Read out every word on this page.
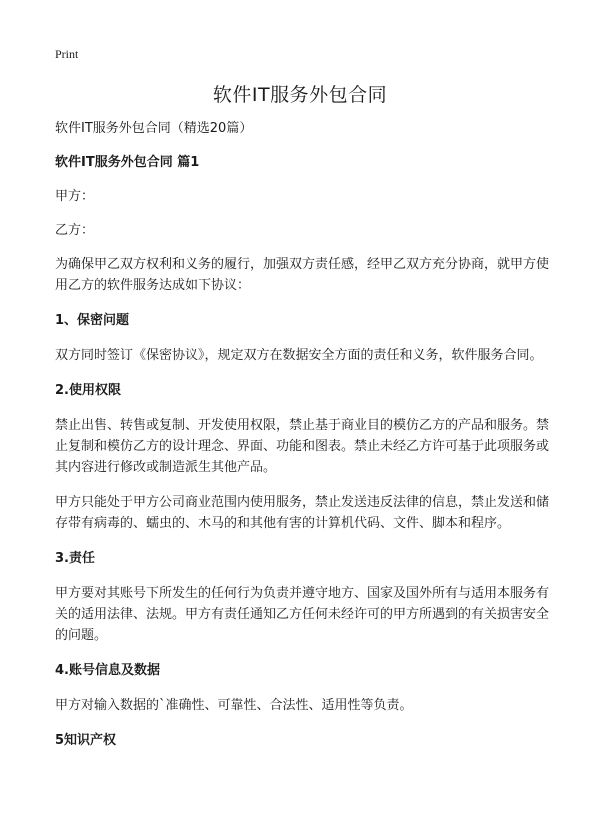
Print
软件IT服务外包合同

软件IT服务外包合同（精选20篇）

软件IT服务外包合同 篇1

甲方：

乙方：

为确保甲乙双方权利和义务的履行，加强双方责任感，经甲乙双方充分协商，就甲方使用乙方的软件服务达成如下协议：

1、保密问题

双方同时签订《保密协议》，规定双方在数据安全方面的责任和义务，软件服务合同。

2.使用权限

禁止出售、转售或复制、开发使用权限，禁止基于商业目的模仿乙方的产品和服务。禁止复制和模仿乙方的设计理念、界面、功能和图表。禁止未经乙方许可基于此项服务或其内容进行修改或制造派生其他产品。

甲方只能处于甲方公司商业范围内使用服务，禁止发送违反法律的信息，禁止发送和储存带有病毒的、蠕虫的、木马的和其他有害的计算机代码、文件、脚本和程序。

3.责任

甲方要对其账号下所发生的任何行为负责并遵守地方、国家及国外所有与适用本服务有关的适用法律、法规。甲方有责任通知乙方任何未经许可的甲方所遇到的有关损害安全的问题。

4.账号信息及数据

甲方对输入数据的`准确性、可靠性、合法性、适用性等负责。

5知识产权
